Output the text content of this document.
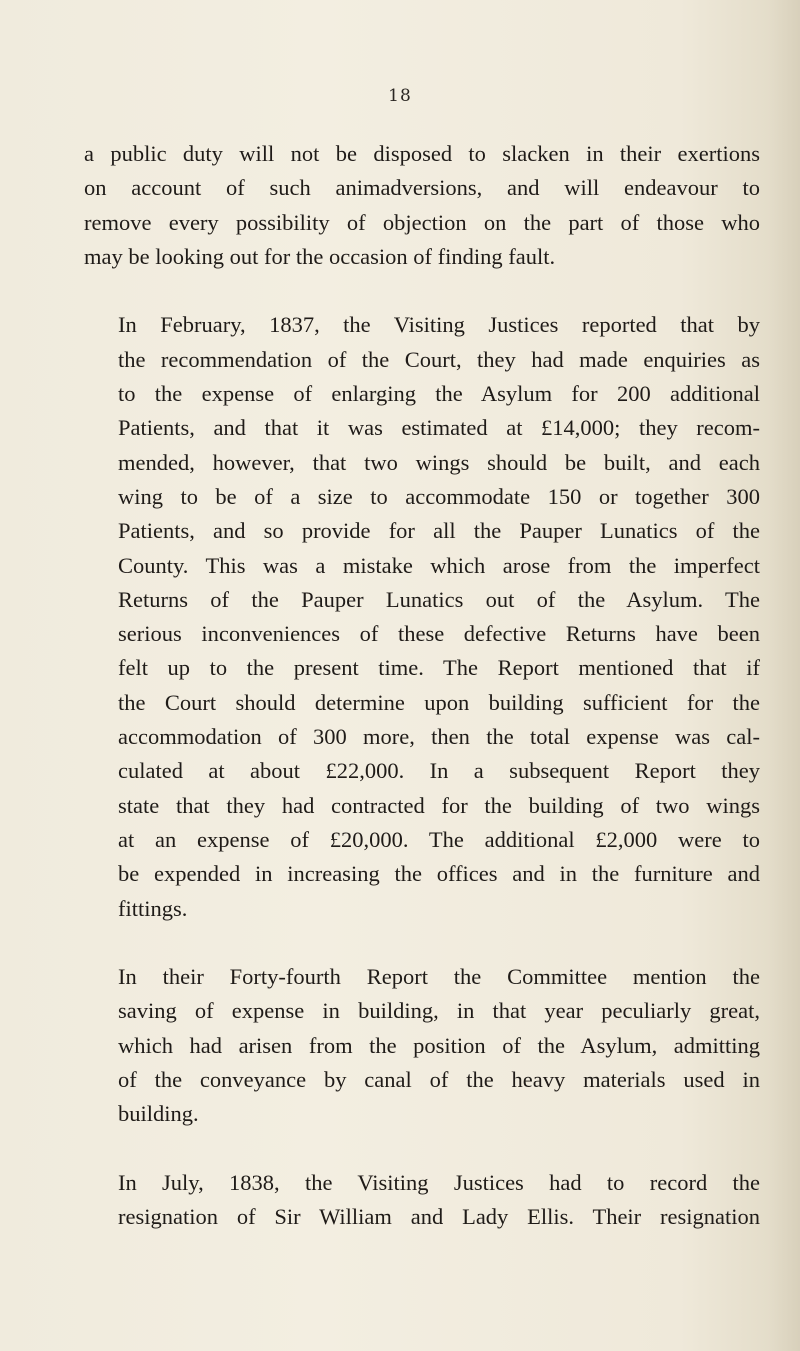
18

a public duty will not be disposed to slacken in their exertions
on account of such animadversions, and will endeavour to
remove every possibility of objection on the part of those who
may be looking out for the occasion of finding fault.

In February, 1837, the Visiting Justices reported that by
the recommendation of the Court, they had made enquiries as
to the expense of enlarging the Asylum for 200 additional
Patients, and that it was estimated at £14,000; they recom-
mended, however, that two wings should be built, and each
wing to be of a size to accommodate 150 or together 300
Patients, and so provide for all the Pauper Lunatics of the
County. This was a mistake which arose from the imperfect
Returns of the Pauper Lunatics out of the Asylum. The
serious inconveniences of these defective Returns have been
felt up to the present time. The Report mentioned that if
the Court should determine upon building sufficient for the
accommodation of 300 more, then the total expense was cal-
culated at about £22,000. In a subsequent Report they
state that they had contracted for the building of two wings
at an expense of £20,000. The additional £2,000 were to
be expended in increasing the offices and in the furniture and
fittings.

In their Forty-fourth Report the Committee mention the
saving of expense in building, in that year peculiarly great,
which had arisen from the position of the Asylum, admitting
of the conveyance by canal of the heavy materials used in
building.

In July, 1838, the Visiting Justices had to record the
resignation of Sir William and Lady Ellis. Their resignation
